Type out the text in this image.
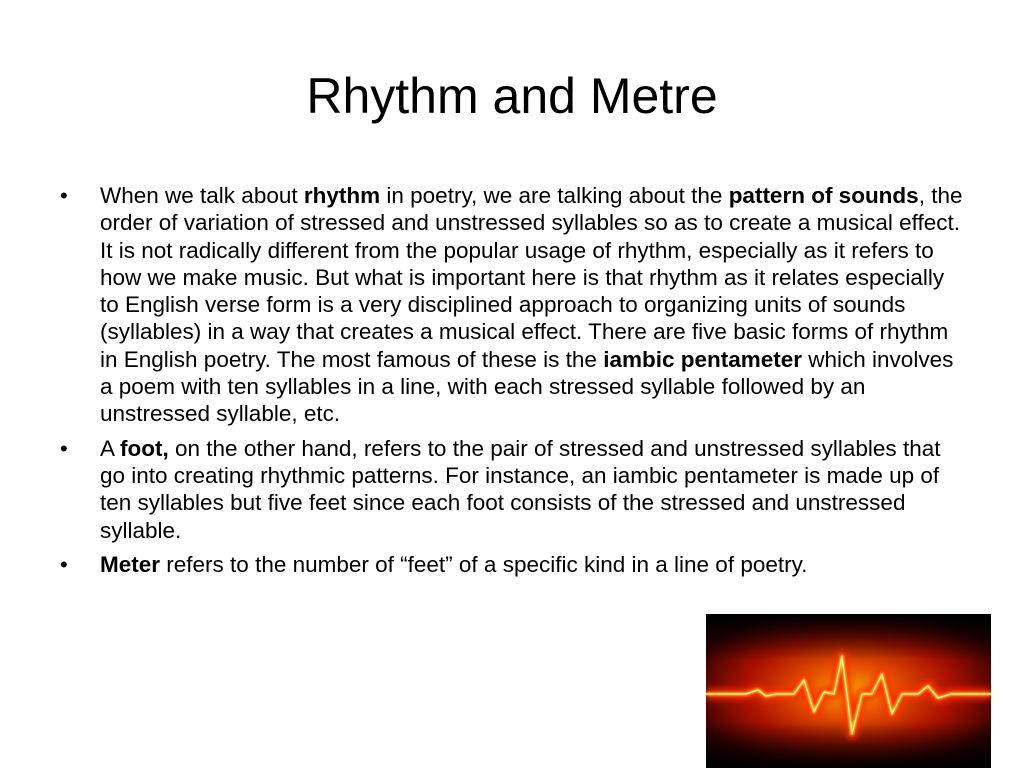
Rhythm and Metre
• When we talk about rhythm in poetry, we are talking about the pattern of sounds, the order of variation of stressed and unstressed syllables so as to create a musical effect. It is not radically different from the popular usage of rhythm, especially as it refers to how we make music. But what is important here is that rhythm as it relates especially to English verse form is a very disciplined approach to organizing units of sounds (syllables) in a way that creates a musical effect. There are five basic forms of rhythm in English poetry. The most famous of these is the iambic pentameter which involves a poem with ten syllables in a line, with each stressed syllable followed by an unstressed syllable, etc.
• A foot, on the other hand, refers to the pair of stressed and unstressed syllables that go into creating rhythmic patterns. For instance, an iambic pentameter is made up of ten syllables but five feet since each foot consists of the stressed and unstressed syllable.
• Meter refers to the number of “feet” of a specific kind in a line of poetry.
